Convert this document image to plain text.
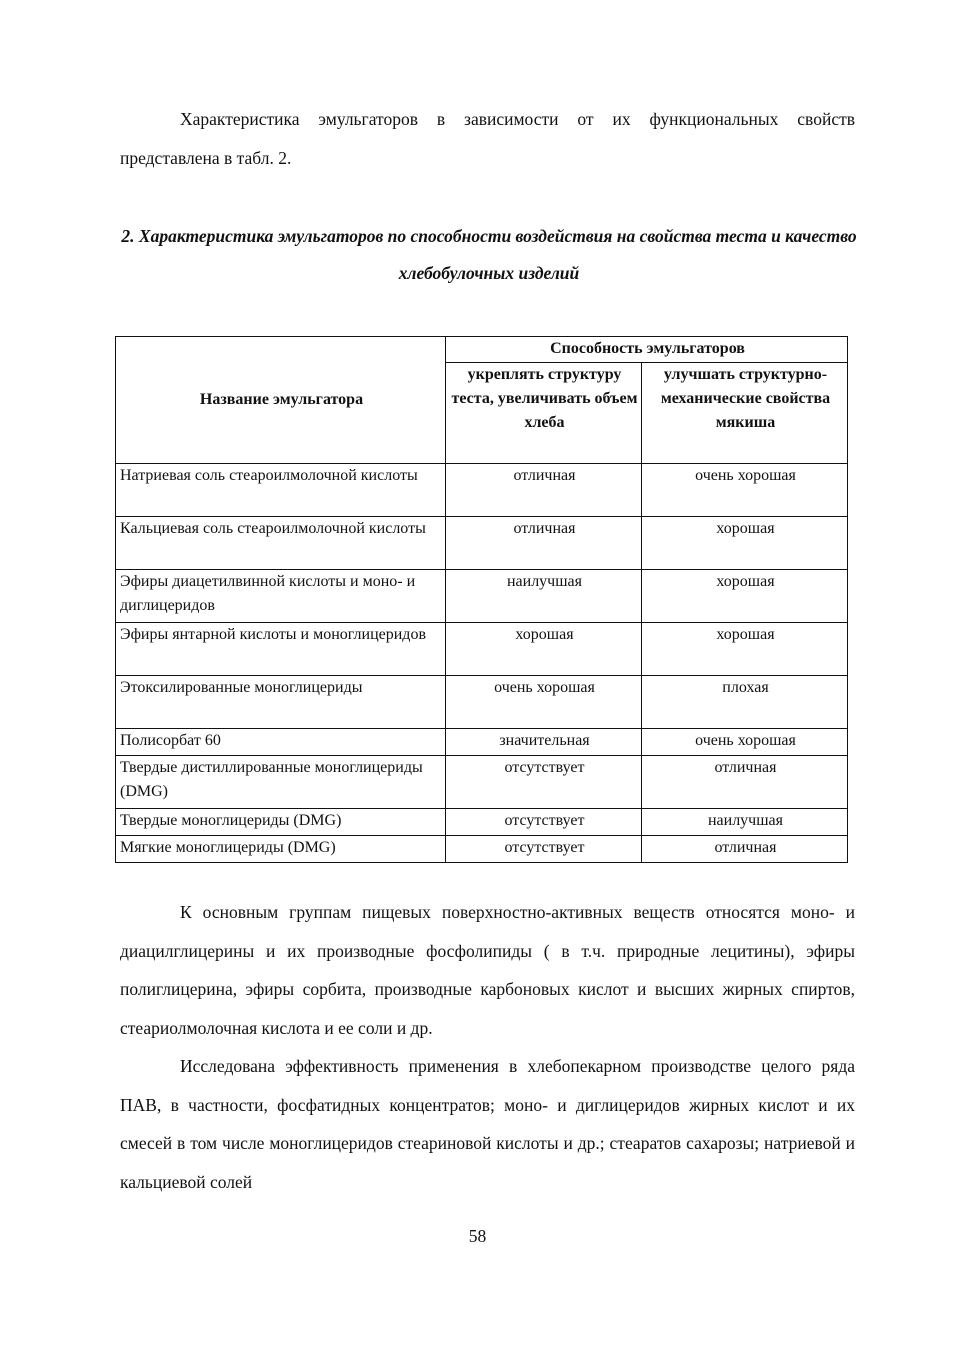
Характеристика эмульгаторов в зависимости от их функциональных свойств представлена в табл. 2.

2. Характеристика эмульгаторов по способности воздействия на свойства теста и качество хлебобулочных изделий

Название эмульгатора	Способность эмульгаторов	
	укреплять структуру теста, увеличивать объем хлеба	улучшать структурно-механические свойства мякиша
Натриевая соль стеароилмолочной кислоты	отличная	очень хорошая
Кальциевая соль стеароилмолочной кислоты	отличная	хорошая
Эфиры диацетилвинной кислоты и моно- и диглицеридов	наилучшая	хорошая
Эфиры янтарной кислоты и моноглицеридов	хорошая	хорошая
Этоксилированные моноглицериды	очень хорошая	плохая
Полисорбат 60	значительная	очень хорошая
Твердые дистиллированные моноглицериды (DMG)	отсутствует	отличная
Твердые моноглицериды (DMG)	отсутствует	наилучшая
Мягкие моноглицериды (DMG)	отсутствует	отличная

К основным группам пищевых поверхностно-активных веществ относятся моно- и диацилглицерины и их производные фосфолипиды ( в т.ч. природные лецитины), эфиры полиглицерина, эфиры сорбита, производные карбоновых кислот и высших жирных спиртов, стеариолмолочная кислота и ее соли и др.

Исследована эффективность применения в хлебопекарном производстве целого ряда ПАВ, в частности, фосфатидных концентратов; моно- и диглицеридов жирных кислот и их смесей в том числе моноглицеридов стеариновой кислоты и др.; стеаратов сахарозы; натриевой и кальциевой солей

58
